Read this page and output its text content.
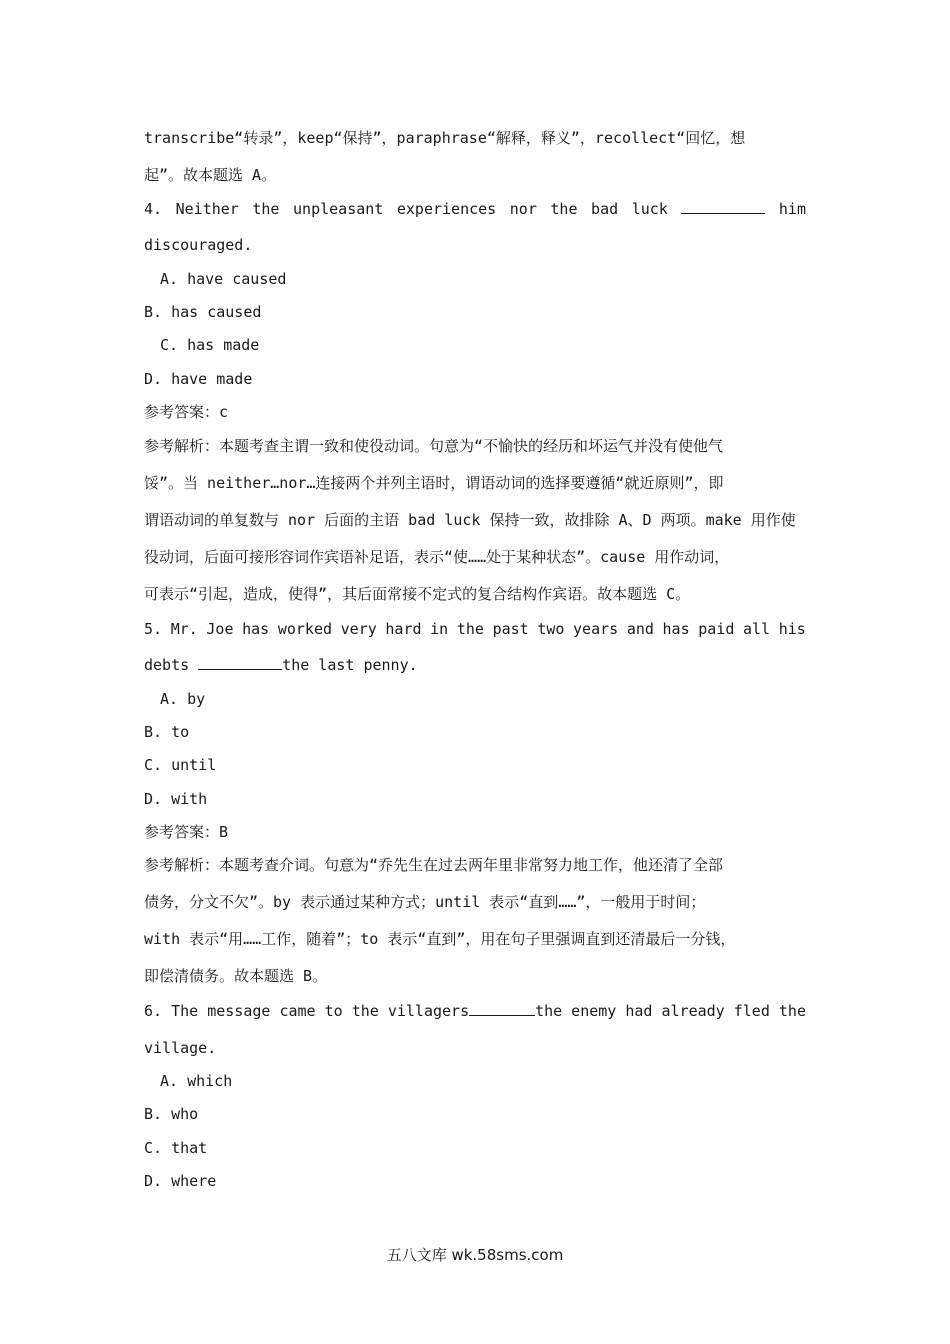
transcribe“转录”，keep“保持”，paraphrase“解释，释义”，recollect“回忆，想
起”。故本题选 A。
4. Neither the unpleasant experiences nor the bad luck	him
discouraged.
A. have caused
B. has caused
C. has made
D. have made
参考答案：c
参考解析：本题考查主谓一致和使役动词。句意为“不愉快的经历和坏运气并没有使他气
馁”。当 neither…nor…连接两个并列主语时，谓语动词的选择要遵循“就近原则”，即
谓语动词的单复数与 nor 后面的主语 bad luck 保持一致，故排除 A、D 两项。make 用作使
役动词，后面可接形容词作宾语补足语，表示“使……处于某种状态”。cause 用作动词，
可表示“引起，造成，使得”，其后面常接不定式的复合结构作宾语。故本题选 C。
5. Mr. Joe has worked very hard in the past two years and has paid all his
debts	the last penny.
A. by
B. to
C. until
D. with
参考答案：B
参考解析：本题考查介词。句意为“乔先生在过去两年里非常努力地工作，他还清了全部
债务，分文不欠”。by 表示通过某种方式；until 表示“直到……”，一般用于时间；
with 表示“用……工作，随着”；to 表示“直到”，用在句子里强调直到还清最后一分钱，
即偿清债务。故本题选 B。
6. The message came to the villagers	the enemy had already fled the
village.
A. which
B. who
C. that
D. where
五八文库 wk.58sms.com
